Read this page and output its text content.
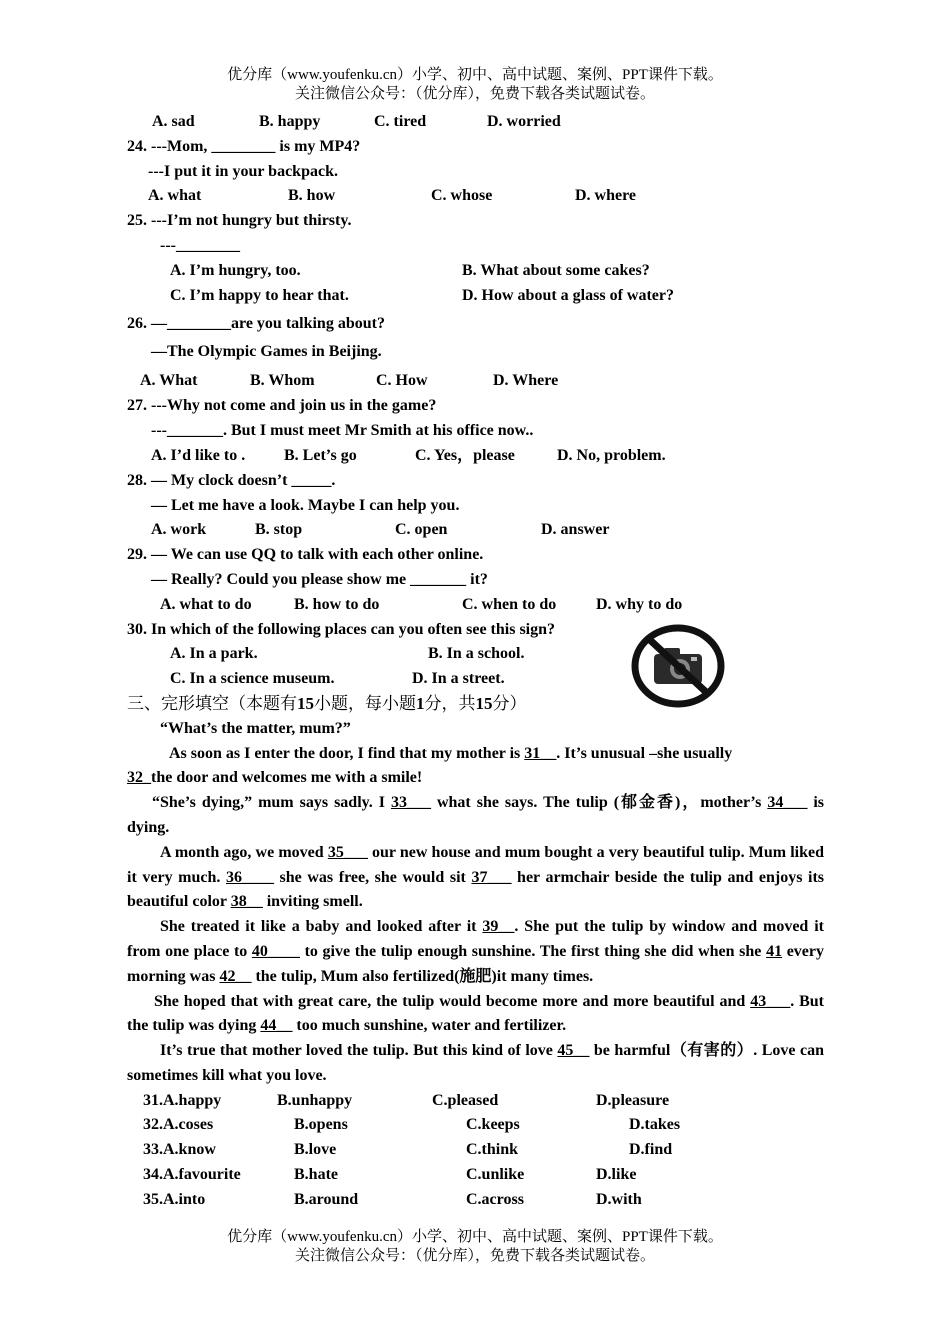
优分库（www.youfenku.cn）小学、初中、高中试题、案例、PPT课件下载。
关注微信公众号：（优分库），免费下载各类试题试卷。
A. sad	B. happy	C. tired	D. worried
24. ---Mom, ________ is my MP4?
---I put it in your backpack.
A. what	B. how	C. whose	D. where
25. ---I’m not hungry but thirsty.
---________
A. I’m hungry, too.	B. What about some cakes?
C. I’m happy to hear that.	D. How about a glass of water?
26. —________are you talking about?
—The Olympic Games in Beijing.
A. What	B. Whom	C. How	D. Where
27. ---Why not come and join us in the game?
---_______. But I must meet Mr Smith at his office now..
A. I’d like to . B. Let’s go	C. Yes，please	D. No, problem.
28. — My clock doesn’t _____.
— Let me have a look. Maybe I can help you.
A. work	B. stop	C. open	D. answer
29. — We can use QQ to talk with each other online.
— Really? Could you please show me _______ it?
A. what to do	B. how to do	C. when to do D. why to do
30. In which of the following places can you often see this sign?
A. In a park.	B. In a school.
C. In a science museum.	D. In a street.
三、完形填空（本题有15小题，每小题1分，共15分）
“What’s the matter, mum?”

As soon as I enter the door, I find that my mother is 31__. It’s unusual –she usually
32_the door and welcomes me with a smile!

“She’s dying,” mum says sadly. I 33___ what she says. The tulip (郁金香)，mother’s 34___ is dying.

A month ago, we moved 35___ our new house and mum bought a very beautiful tulip. Mum liked it very much. 36____ she was free, she would sit 37___ her armchair beside the tulip and enjoys its beautiful color 38__ inviting smell.

She treated it like a baby and looked after it 39__. She put the tulip by window and moved it from one place to 40____ to give the tulip enough sunshine. The first thing she did when she 41 every morning was 42__ the tulip, Mum also fertilized(施肥)it many times.

She hoped that with great care, the tulip would become more and more beautiful and 43___. But the tulip was dying 44__ too much sunshine, water and fertilizer.

It’s true that mother loved the tulip. But this kind of love 45__ be harmful（有害的）. Love can sometimes kill what you love.

31.A.happy	B.unhappy	C.pleased	D.pleasure
32.A.coses	B.opens	C.keeps	D.takes
33.A.know	B.love	C.think	D.find
34.A.favourite	B.hate	C.unlike	D.like
35.A.into	B.around	C.across	D.with
优分库（www.youfenku.cn）小学、初中、高中试题、案例、PPT课件下载。
关注微信公众号：（优分库），免费下载各类试题试卷。
